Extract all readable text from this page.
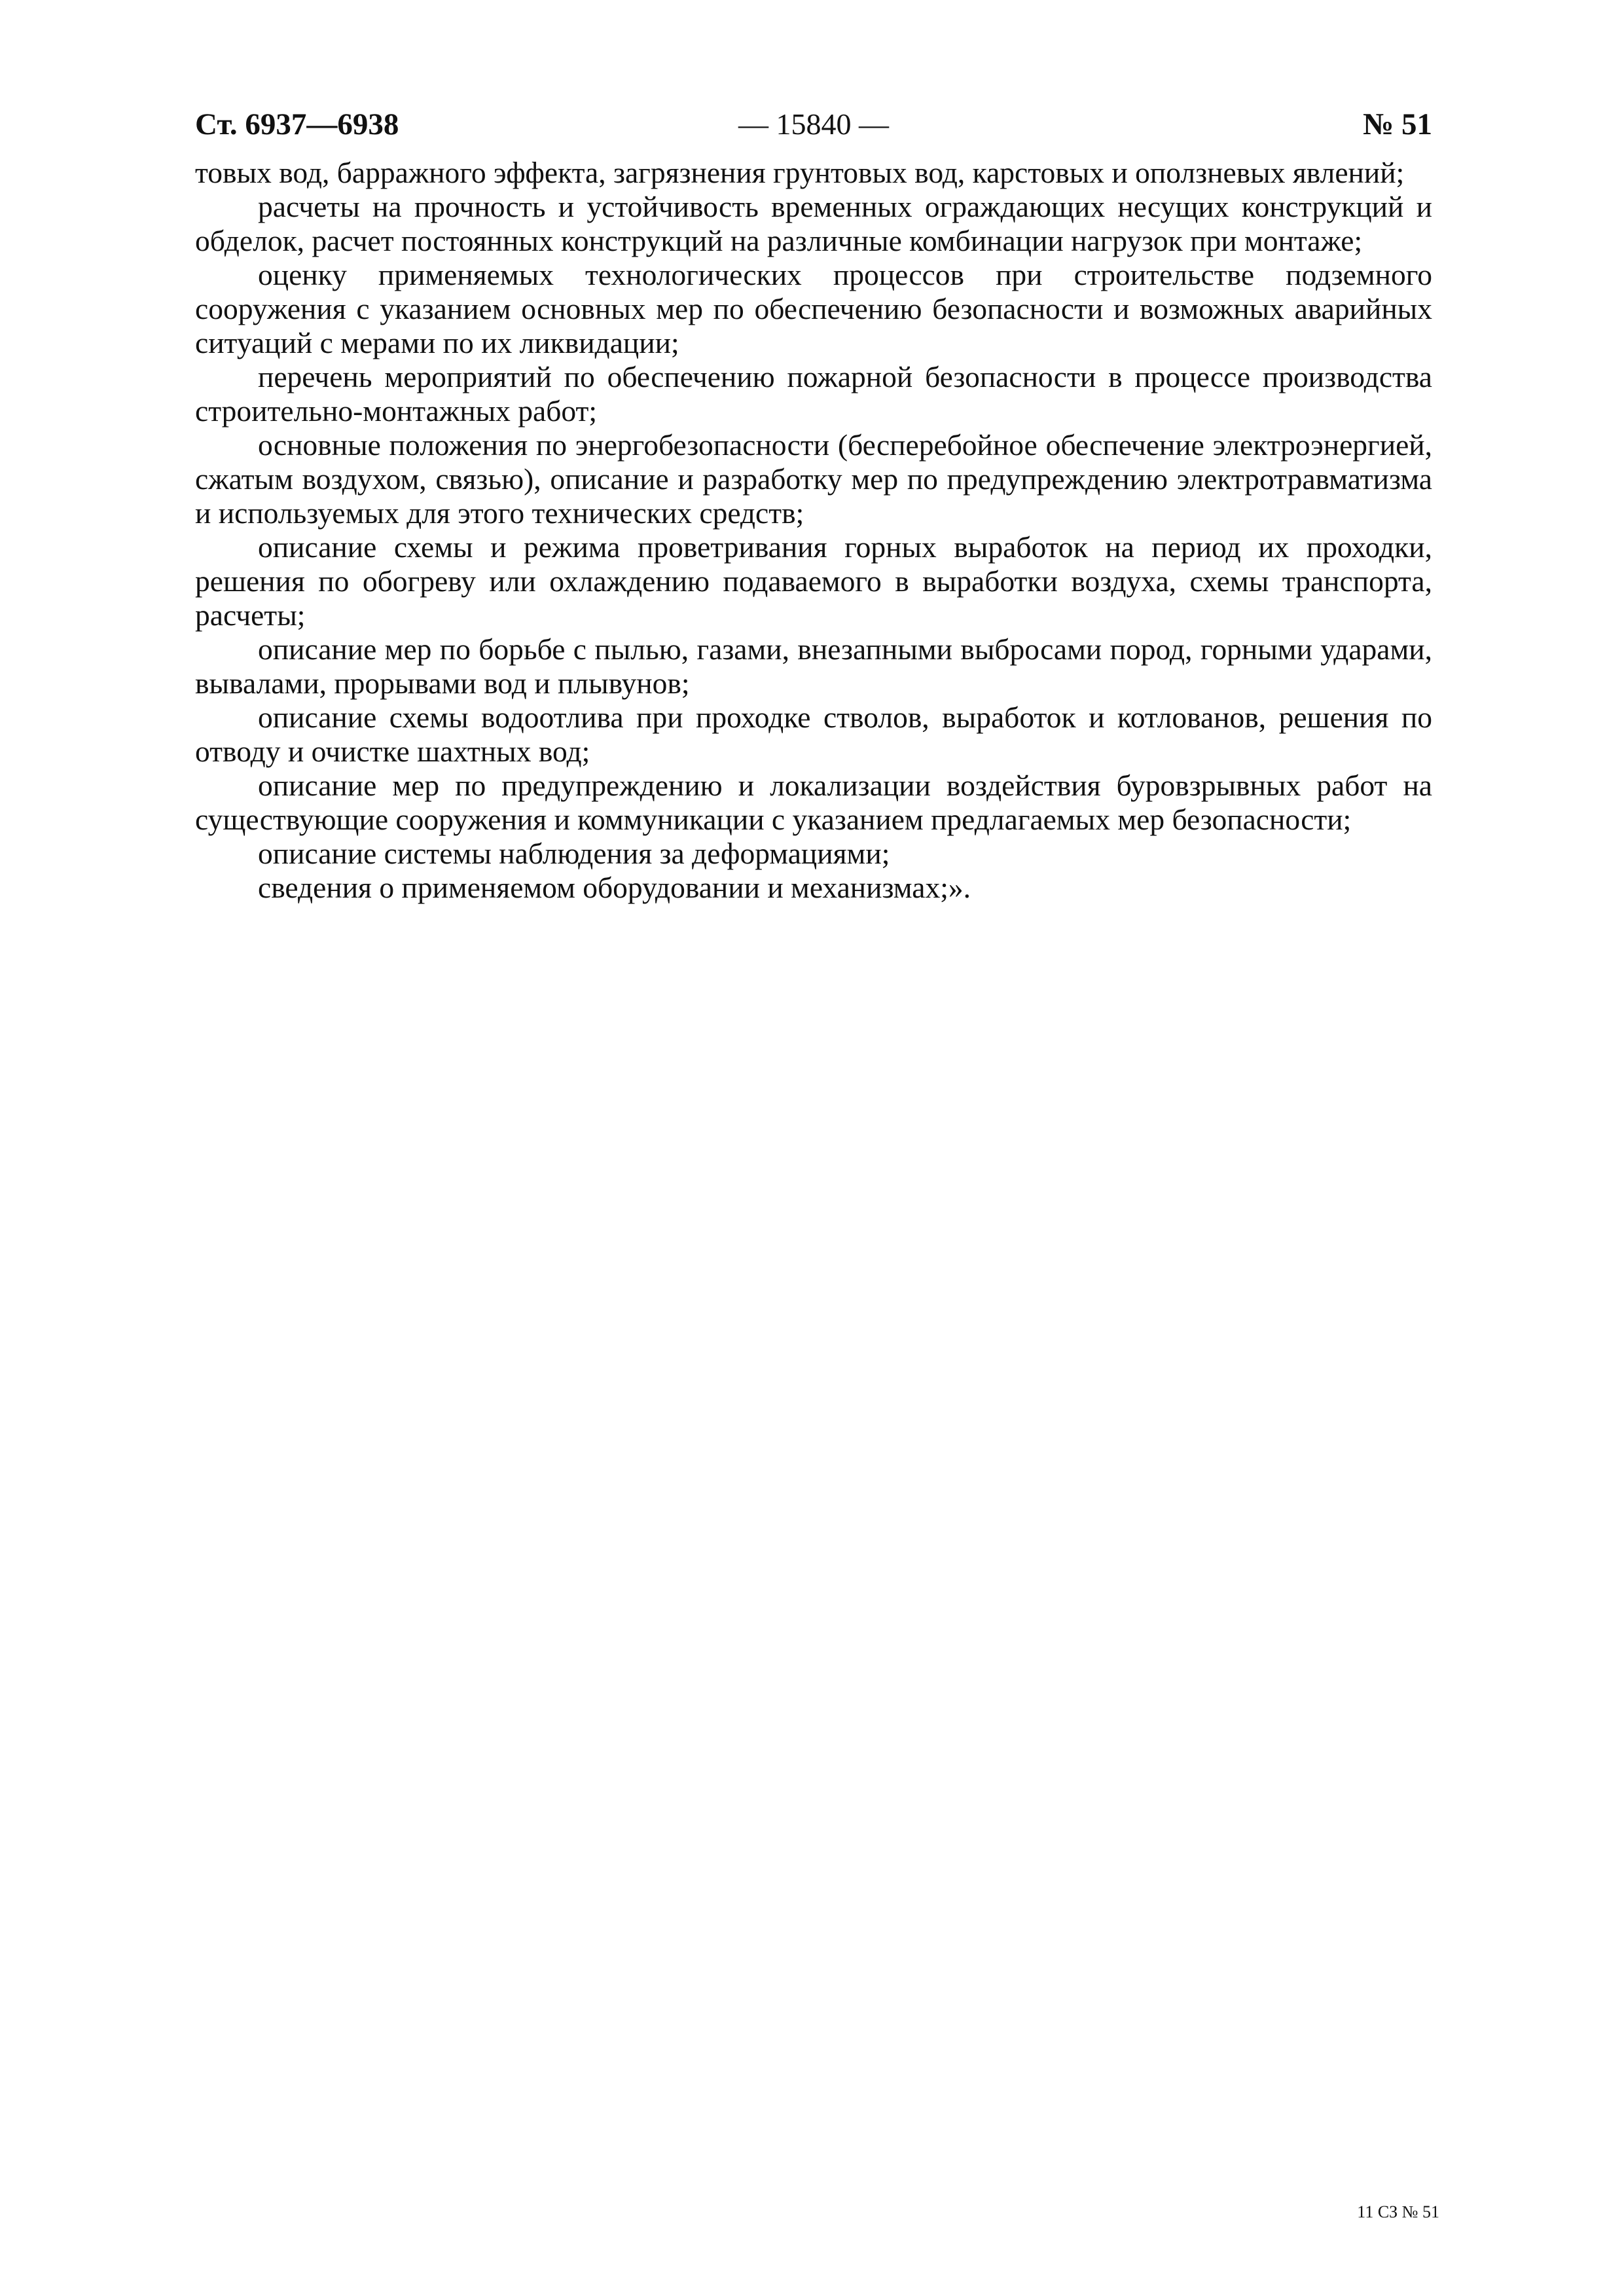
Ст. 6937—6938	— 15840 —	№ 51

товых вод, барражного эффекта, загрязнения грунтовых вод, карстовых и оползневых явлений;

расчеты на прочность и устойчивость временных ограждающих несущих конструкций и обделок, расчет постоянных конструкций на различные комбинации нагрузок при монтаже;

оценку применяемых технологических процессов при строительстве подземного сооружения с указанием основных мер по обеспечению безопасности и возможных аварийных ситуаций с мерами по их ликвидации;

перечень мероприятий по обеспечению пожарной безопасности в процессе производства строительно-монтажных работ;

основные положения по энергобезопасности (бесперебойное обеспечение электроэнергией, сжатым воздухом, связью), описание и разработку мер по предупреждению электротравматизма и используемых для этого технических средств;

описание схемы и режима проветривания горных выработок на период их проходки, решения по обогреву или охлаждению подаваемого в выработки воздуха, схемы транспорта, расчеты;

описание мер по борьбе с пылью, газами, внезапными выбросами пород, горными ударами, вывалами, прорывами вод и плывунов;

описание схемы водоотлива при проходке стволов, выработок и котлованов, решения по отводу и очистке шахтных вод;

описание мер по предупреждению и локализации воздействия буровзрывных работ на существующие сооружения и коммуникации с указанием предлагаемых мер безопасности;

описание системы наблюдения за деформациями;

сведения о применяемом оборудовании и механизмах;».

11 СЗ № 51
